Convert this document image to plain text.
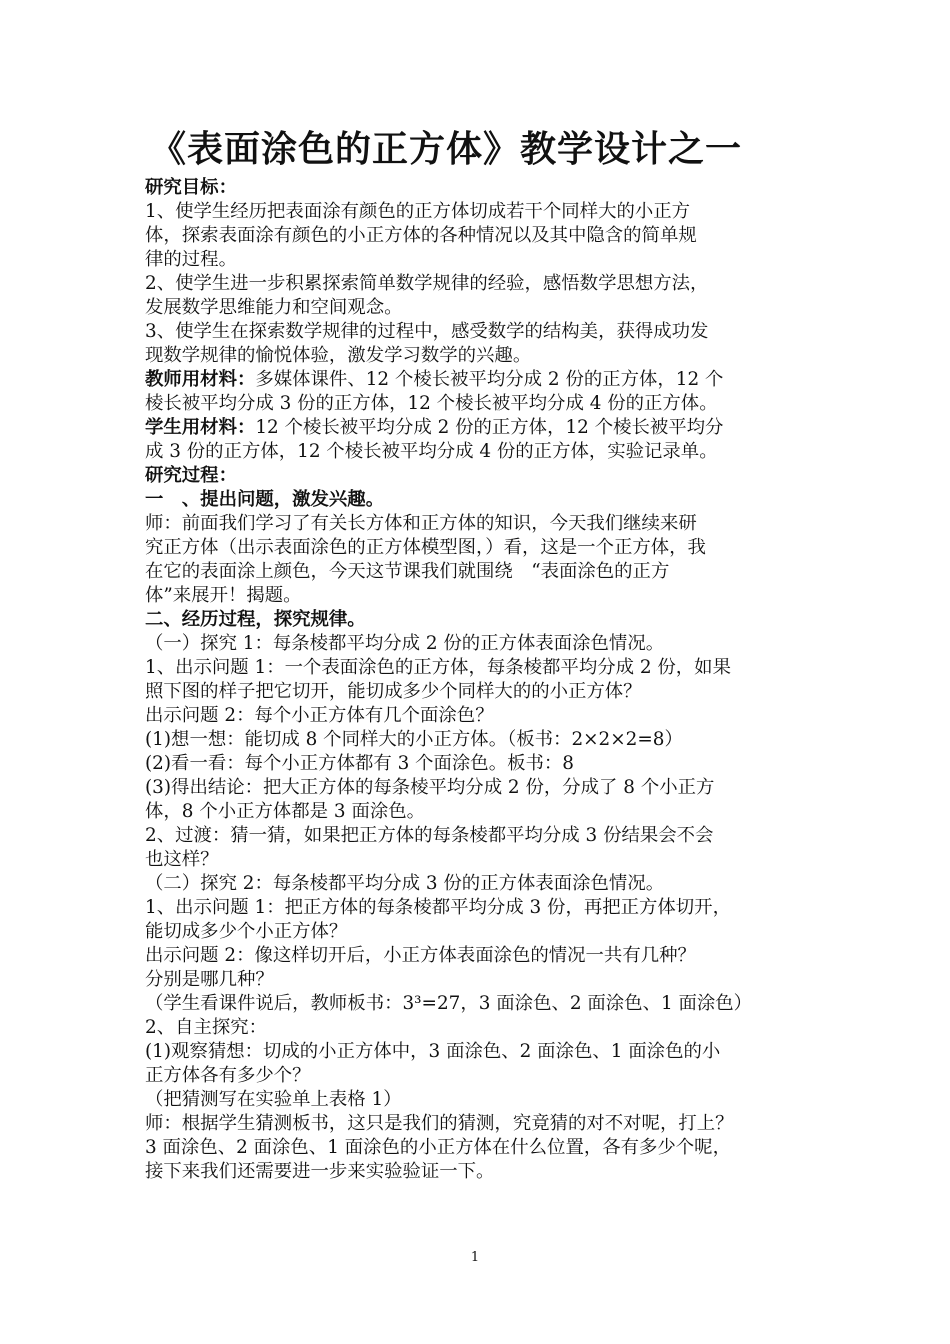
《表面涂色的正方体》教学设计之一

研究目标：

1、使学生经历把表面涂有颜色的正方体切成若干个同样大的小正方

体，探索表面涂有颜色的小正方体的各种情况以及其中隐含的简单规

律的过程。

2、使学生进一步积累探索简单数学规律的经验，感悟数学思想方法，

发展数学思维能力和空间观念。

3、使学生在探索数学规律的过程中，感受数学的结构美，获得成功发

现数学规律的愉悦体验，激发学习数学的兴趣。

教师用材料：多媒体课件、12 个棱长被平均分成 2 份的正方体，12 个

棱长被平均分成 3 份的正方体，12 个棱长被平均分成 4 份的正方体。

学生用材料：12 个棱长被平均分成 2 份的正方体，12 个棱长被平均分

成 3 份的正方体，12 个棱长被平均分成 4 份的正方体，实验记录单。

研究过程：

一　、提出问题，激发兴趣。

师：前面我们学习了有关长方体和正方体的知识，今天我们继续来研

究正方体（出示表面涂色的正方体模型图，）看，这是一个正方体，我

在它的表面涂上颜色，今天这节课我们就围绕　“表面涂色的正方

体”来展开！揭题。

二、经历过程，探究规律。

（一）探究 1：每条棱都平均分成 2 份的正方体表面涂色情况。

1、出示问题 1：一个表面涂色的正方体，每条棱都平均分成 2 份，如果

照下图的样子把它切开，能切成多少个同样大的的小正方体？

出示问题 2：每个小正方体有几个面涂色？

(1)想一想：能切成 8 个同样大的小正方体。（板书：2×2×2=8）

(2)看一看：每个小正方体都有 3 个面涂色。板书：8

(3)得出结论：把大正方体的每条棱平均分成 2 份，分成了 8 个小正方

体，8 个小正方体都是 3 面涂色。

2、过渡：猜一猜，如果把正方体的每条棱都平均分成 3 份结果会不会

也这样？

（二）探究 2：每条棱都平均分成 3 份的正方体表面涂色情况。

1、出示问题 1：把正方体的每条棱都平均分成 3 份，再把正方体切开，

能切成多少个小正方体？

出示问题 2：像这样切开后，小正方体表面涂色的情况一共有几种？

分别是哪几种？

（学生看课件说后，教师板书：3³=27，3 面涂色、2 面涂色、1 面涂色）

2、自主探究：

(1)观察猜想：切成的小正方体中，3 面涂色、2 面涂色、1 面涂色的小

正方体各有多少个？

（把猜测写在实验单上表格 1）

师：根据学生猜测板书，这只是我们的猜测，究竟猜的对不对呢，打上？

3 面涂色、2 面涂色、1 面涂色的小正方体在什么位置，各有多少个呢，

接下来我们还需要进一步来实验验证一下。

1
